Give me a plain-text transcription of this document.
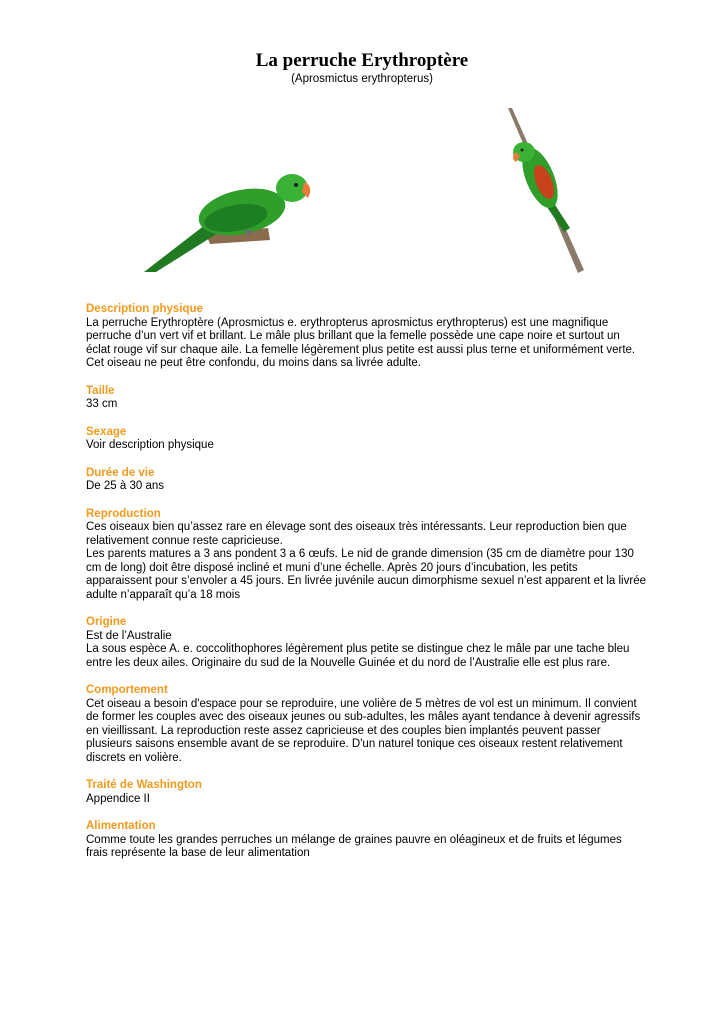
La perruche Erythroptère
(Aprosmictus erythropterus)
Description physique

La perruche Erythroptère (Aprosmictus e. erythropterus aprosmictus erythropterus) est une magnifique perruche d’un vert vif et brillant. Le mâle plus brillant que la femelle possède une cape noire et surtout un éclat rouge vif sur chaque aile. La femelle légèrement plus petite est aussi plus terne et uniformément verte. Cet oiseau ne peut être confondu, du moins dans sa livrée adulte.

Taille

33 cm

Sexage

Voir description physique

Durée de vie

De 25 à 30 ans

Reproduction

Ces oiseaux bien qu’assez rare en élevage sont des oiseaux très intéressants. Leur reproduction bien que relativement connue reste capricieuse.

Les parents matures a 3 ans pondent 3 a 6 œufs. Le nid de grande dimension (35 cm de diamètre pour 130 cm de long) doit être disposé incliné et muni d’une échelle. Après 20 jours d’incubation, les petits apparaissent pour s’envoler a 45 jours. En livrée juvénile aucun dimorphisme sexuel n’est apparent et la livrée adulte n’apparaît qu’a 18 mois

Origine

Est de l’Australie

La sous espèce A. e. coccolithophores légèrement plus petite se distingue chez le mâle par une tache bleu entre les deux ailes. Originaire du sud de la Nouvelle Guinée et du nord de l’Australie elle est plus rare.

Comportement

Cet oiseau a besoin d'espace pour se reproduire, une volière de 5 mètres de vol est un minimum. Il convient de former les couples avec des oiseaux jeunes ou sub-adultes, les mâles ayant tendance à devenir agressifs en vieillissant. La reproduction reste assez capricieuse et des couples bien implantés peuvent passer plusieurs saisons ensemble avant de se reproduire. D'un naturel tonique ces oiseaux restent relativement discrets en volière.

Traité de Washington

Appendice II

Alimentation

Comme toute les grandes perruches un mélange de graines pauvre en oléagineux et de fruits et légumes frais représente la base de leur alimentation
